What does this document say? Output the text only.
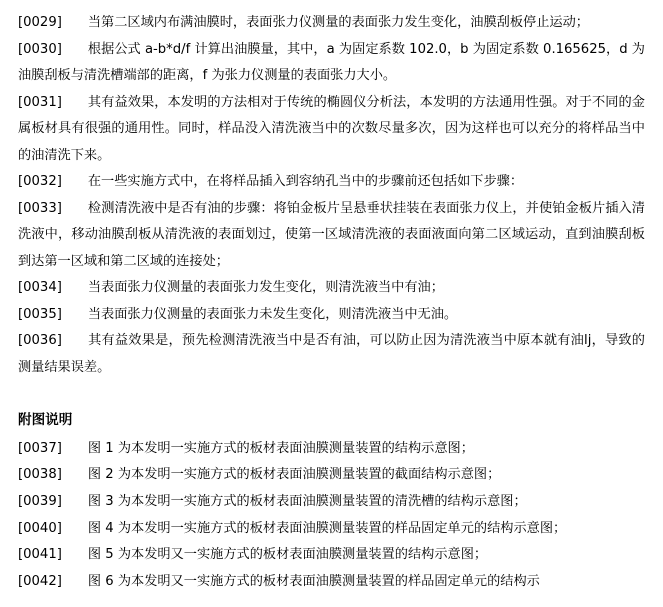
[0029] 当第二区域内布满油膜时，表面张力仪测量的表面张力发生变化，油膜刮板停止运动；

[0030] 根据公式 a-b*d/f 计算出油膜量，其中，a 为固定系数 102.0，b 为固定系数 0.165625，d 为油膜刮板与清洗槽端部的距离，f 为张力仪测量的表面张力大小。

[0031] 其有益效果，本发明的方法相对于传统的椭圆仪分析法，本发明的方法通用性强。对于不同的金属板材具有很强的通用性。同时，样品没入清洗液当中的次数尽量多次，因为这样也可以充分的将样品当中的油清洗下来。

[0032] 在一些实施方式中，在将样品插入到容纳孔当中的步骤前还包括如下步骤：

[0033] 检测清洗液中是否有油的步骤：将铂金板片呈悬垂状挂装在表面张力仪上，并使铂金板片插入清洗液中，移动油膜刮板从清洗液的表面划过，使第一区域清洗液的表面液面向第二区域运动，直到油膜刮板到达第一区域和第二区域的连接处；

[0034] 当表面张力仪测量的表面张力发生变化，则清洗液当中有油；

[0035] 当表面张力仪测量的表面张力未发生变化，则清洗液当中无油。

[0036] 其有益效果是，预先检测清洗液当中是否有油，可以防止因为清洗液当中原本就有油lj，导致的测量结果误差。

附图说明

[0037] 图 1 为本发明一实施方式的板材表面油膜测量装置的结构示意图；

[0038] 图 2 为本发明一实施方式的板材表面油膜测量装置的截面结构示意图；

[0039] 图 3 为本发明一实施方式的板材表面油膜测量装置的清洗槽的结构示意图；

[0040] 图 4 为本发明一实施方式的板材表面油膜测量装置的样品固定单元的结构示意图；

[0041] 图 5 为本发明又一实施方式的板材表面油膜测量装置的结构示意图；

[0042] 图 6 为本发明又一实施方式的板材表面油膜测量装置的样品固定单元的结构示
